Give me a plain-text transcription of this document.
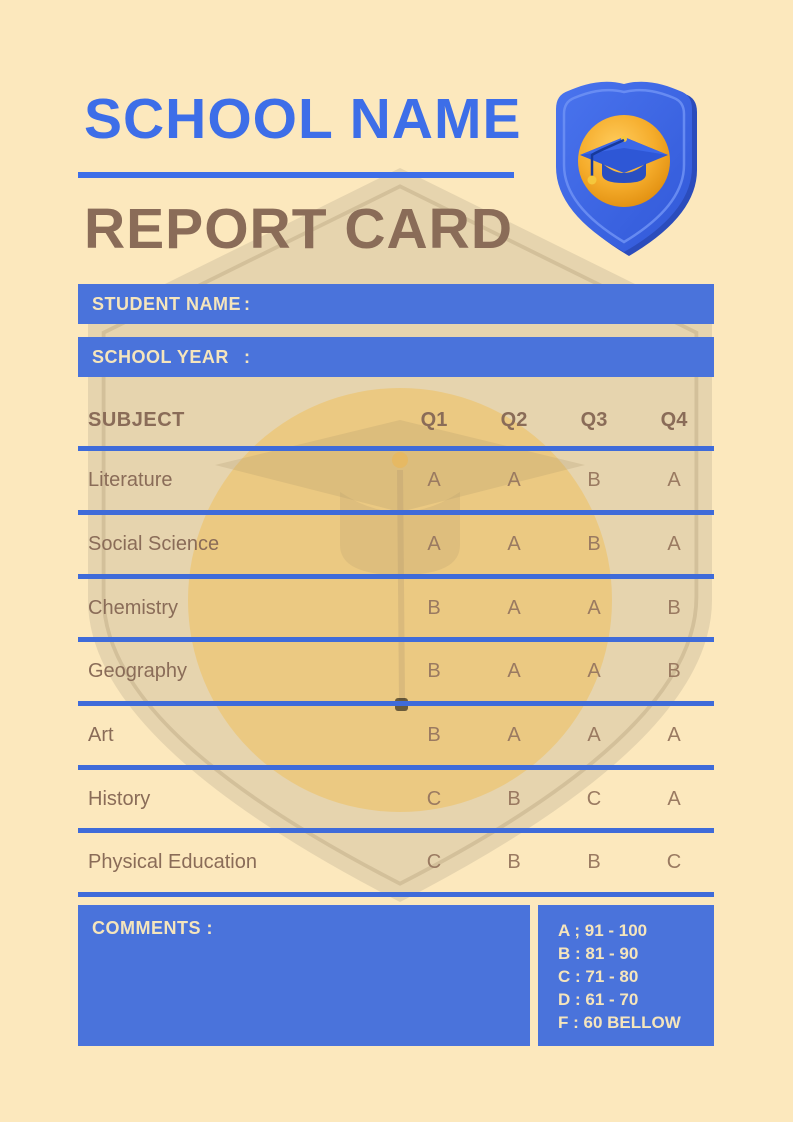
SCHOOL NAME
REPORT CARD
STUDENT NAME :
SCHOOL YEAR :
SUBJECT	Q1	Q2	Q3	Q4
Literature	A	A	B	A
Social Science	A	A	B	A
Chemistry	B	A	A	B
Geography	B	A	A	B
Art	B	A	A	A
History	C	B	C	A
Physical Education	C	B	B	C
COMMENTS :	A ; 91 - 100
B : 81 - 90
C : 71 - 80
D : 61 - 70
F : 60 BELLOW
